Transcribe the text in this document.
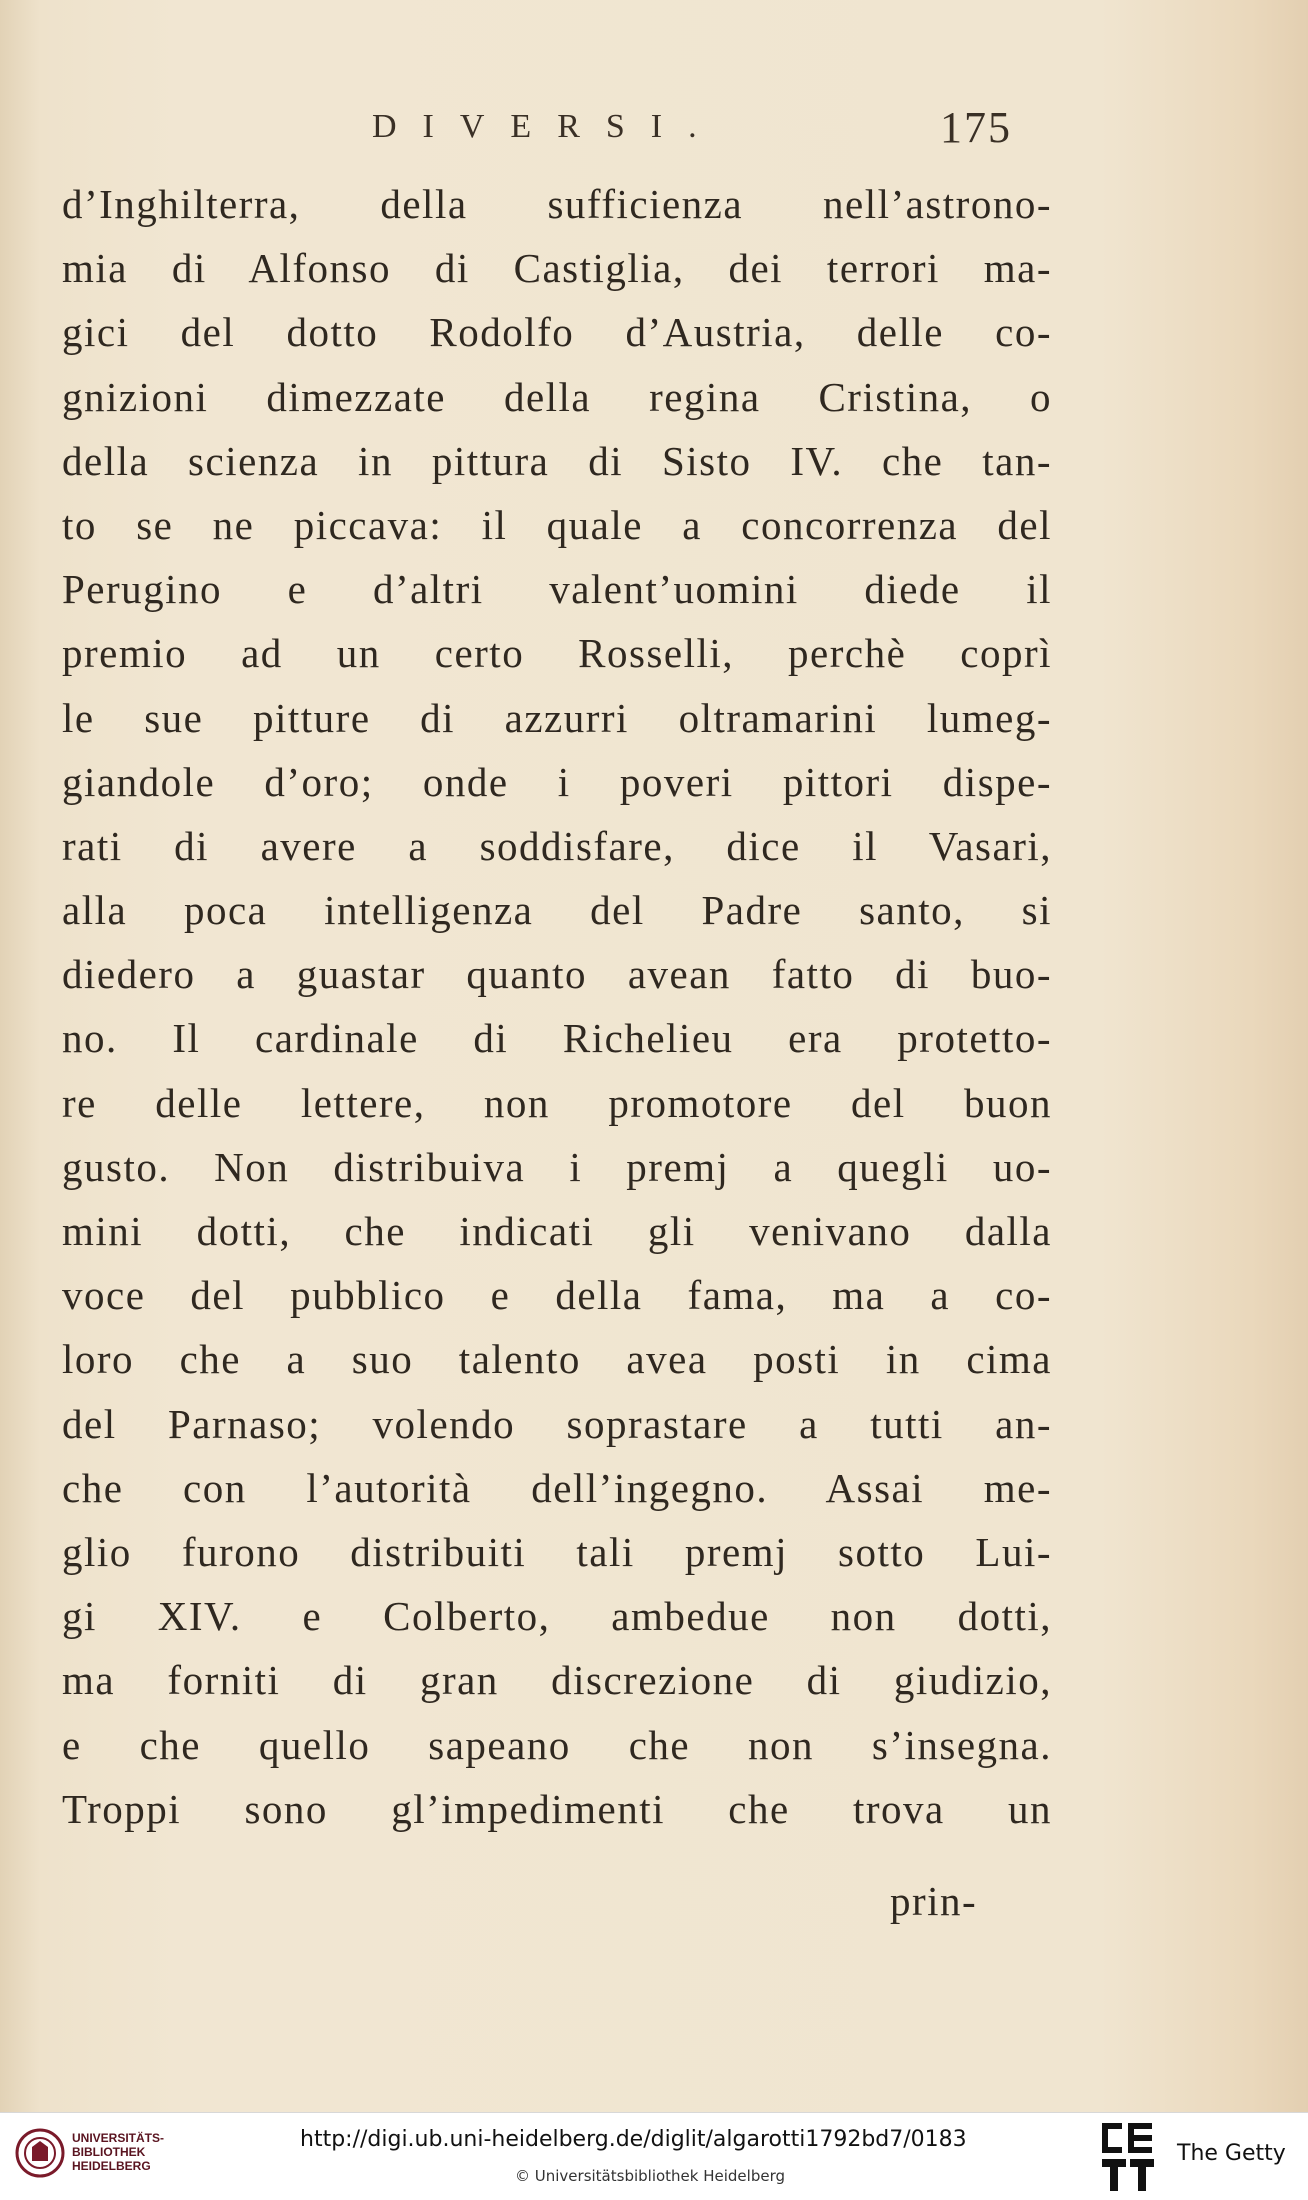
DIVERSI.	175
d’Inghilterra, della sufficienza nell’astrono-
mia di Alfonso di Castiglia, dei terrori ma-
gici del dotto Rodolfo d’Austria, delle co-
gnizioni dimezzate della regina Cristina, o
della scienza in pittura di Sisto IV. che tan-
to se ne piccava: il quale a concorrenza del
Perugino e d’altri valent’uomini diede il
premio ad un certo Rosselli, perchè coprì
le sue pitture di azzurri oltramarini lumeg-
giandole d’oro; onde i poveri pittori dispe-
rati di avere a soddisfare, dice il Vasari,
alla poca intelligenza del Padre santo, si
diedero a guastar quanto avean fatto di buo-
no. Il cardinale di Richelieu era protetto-
re delle lettere, non promotore del buon
gusto. Non distribuiva i premj a quegli uo-
mini dotti, che indicati gli venivano dalla
voce del pubblico e della fama, ma a co-
loro che a suo talento avea posti in cima
del Parnaso; volendo soprastare a tutti an-
che con l’autorità dell’ingegno. Assai me-
glio furono distribuiti tali premj sotto Lui-
gi XIV. e Colberto, ambedue non dotti,
ma forniti di gran discrezione di giudizio,
e che quello sapeano che non s’insegna.
Troppi sono gl’impedimenti che trova un
prin-
UNIVERSITÄTS-
BIBLIOTHEK
HEIDELBERG
http://digi.ub.uni-heidelberg.de/diglit/algarotti1792bd7/0183
© Universitätsbibliothek Heidelberg
The Getty
